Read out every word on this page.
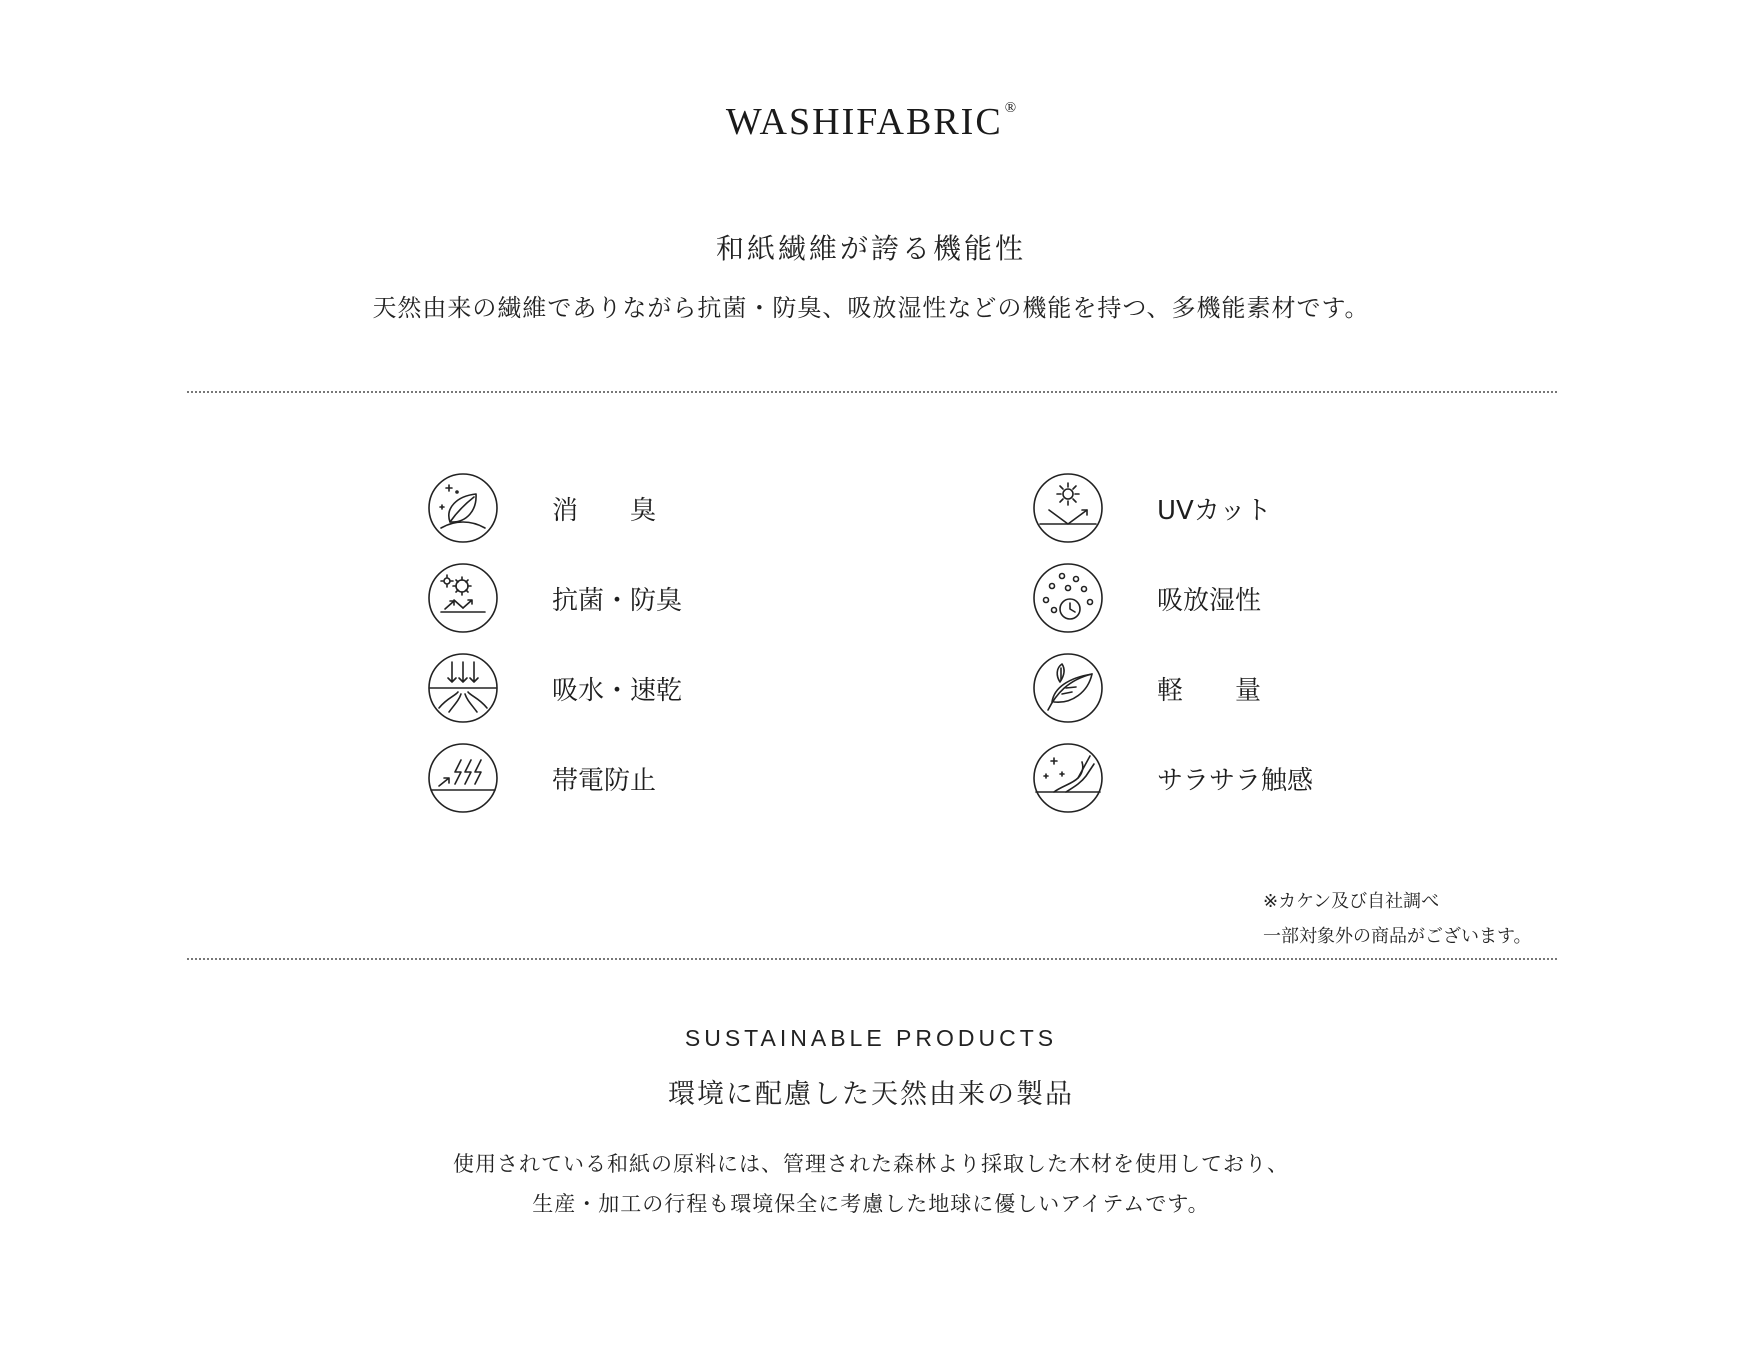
WASHIFABRIC ®
和紙繊維が誇る機能性
天然由来の繊維でありながら抗菌・防臭、吸放湿性などの機能を持つ、多機能素材です。
消　　臭
抗菌・防臭
吸水・速乾
帯電防止
UVカット
吸放湿性
軽　　量
サラサラ触感
※カケン及び自社調べ
一部対象外の商品がございます。
SUSTAINABLE PRODUCTS
環境に配慮した天然由来の製品
使用されている和紙の原料には、管理された森林より採取した木材を使用しており、
生産・加工の行程も環境保全に考慮した地球に優しいアイテムです。
